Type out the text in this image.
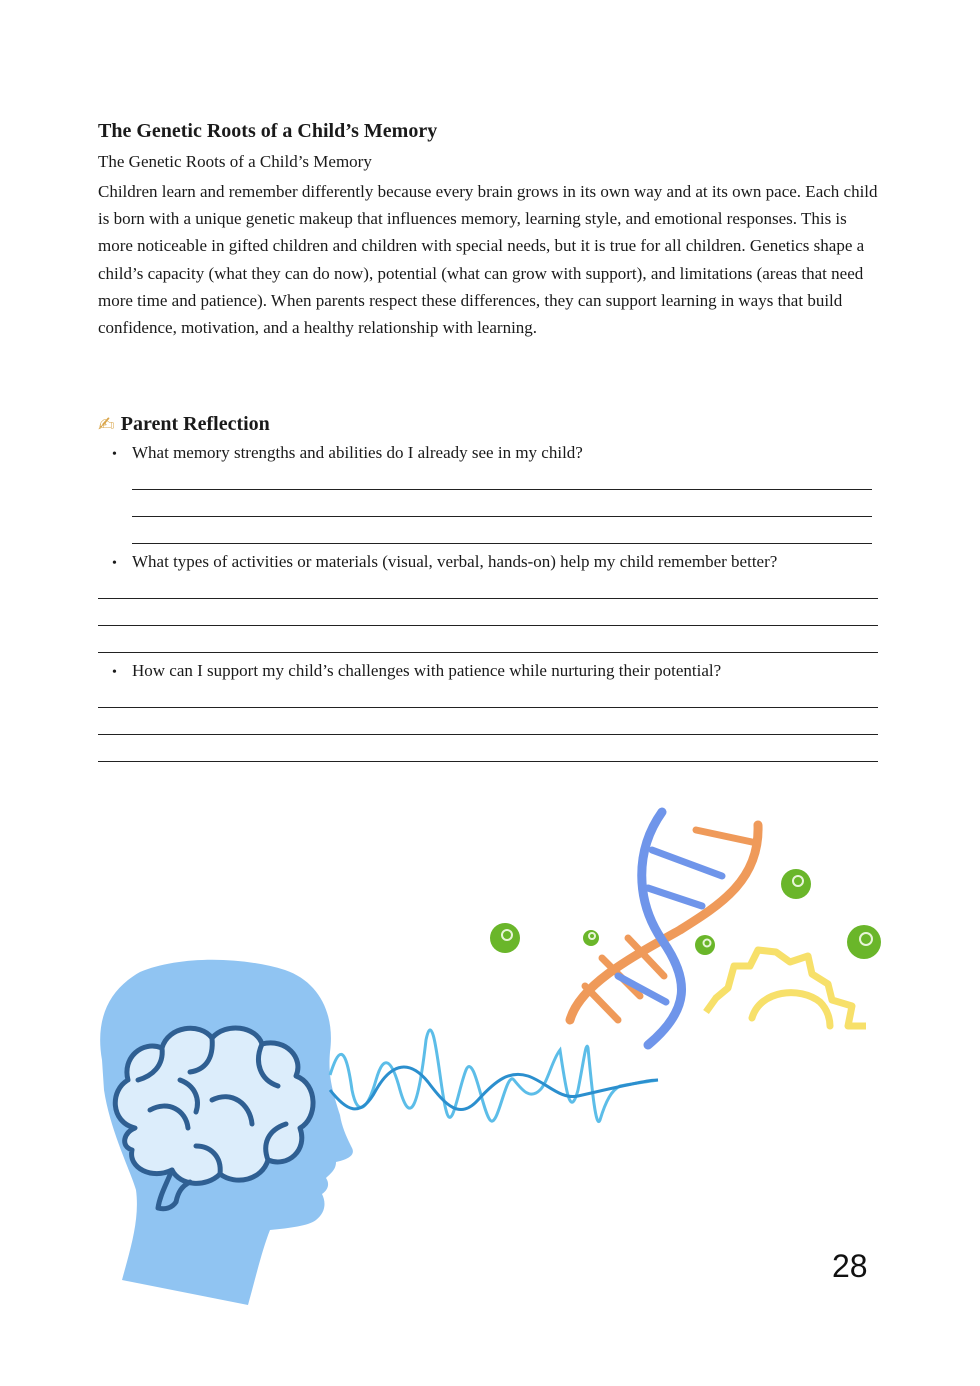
The Genetic Roots of a Child’s Memory

The Genetic Roots of a Child’s Memory

Children learn and remember differently because every brain grows in its own way and at its own pace. Each child is born with a unique genetic makeup that influences memory, learning style, and emotional responses. This is more noticeable in gifted children and children with special needs, but it is true for all children. Genetics shape a child’s capacity (what they can do now), potential (what can grow with support), and limitations (areas that need more time and patience). When parents respect these differences, they can support learning in ways that build confidence, motivation, and a healthy relationship with learning.

✍ Parent Reflection

• What memory strengths and abilities do I already see in my child?

• What types of activities or materials (visual, verbal, hands-on) help my child remember better?

• How can I support my child’s challenges with patience while nurturing their potential?

28
